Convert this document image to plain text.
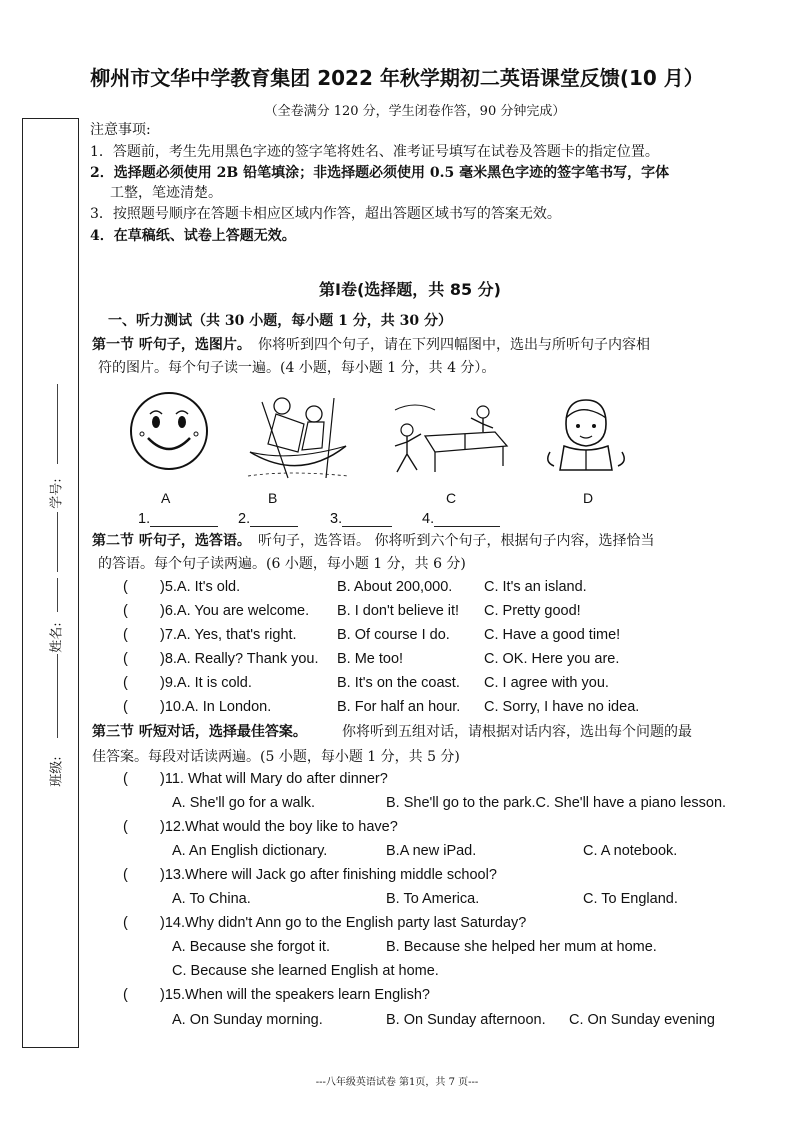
柳州市文华中学教育集团 2022 年秋学期初二英语课堂反馈(10 月）
（全卷满分 120 分，学生闭卷作答，90 分钟完成）
学号:
姓名:
班级:
注意事项:
1．答题前，考生先用黑色字迹的签字笔将姓名、准考证号填写在试卷及答题卡的指定位置。
2．选择题必须使用 2B 铅笔填涂；非选择题必须使用 0.5 毫米黑色字迹的签字笔书写，字体
工整，笔迹清楚。
3．按照题号顺序在答题卡相应区域内作答，超出答题区域书写的答案无效。
4．在草稿纸、试卷上答题无效。
第Ⅰ卷(选择题，共 85 分)
一、听力测试（共 30 小题，每小题 1 分，共 30 分）
第一节 听句子，选图片。 你将听到四个句子，请在下列四幅图中，选出与所听句子内容相
符的图片。每个句子读一遍。(4 小题，每小题 1 分，共 4 分）。
A	B	C	D
1.	2.	3.	4.
第二节 听句子，选答语。 听句子，选答语。 你将听到六个句子，根据句子内容，选择恰当
的答语。每个句子读两遍。(6 小题，每小题 1 分，共 6 分)
( )5.A. It's old.	B. About 200,000. C. It's an island.
( )6.A. You are welcome. B. I don't believe it! C. Pretty good!
( )7.A. Yes, that's right.	B. Of course I do. C. Have a good time!
( )8.A. Really? Thank you. B. Me too!	C. OK. Here you are.
( )9.A. It is cold.	B. It's on the coast. C. I agree with you.
( )10.A. In London.	B. For half an hour. C. Sorry, I have no idea.
第三节 听短对话，选择最佳答案。	你将听到五组对话，请根据对话内容，选出每个问题的最
佳答案。每段对话读两遍。(5 小题，每小题 1 分，共 5 分)
( )11. What will Mary do after dinner?
A. She'll go for a walk.	B. She'll go to the park.C. She'll have a piano lesson.
( )12.What would the boy like to have?
A. An English dictionary.	B.A new iPad.	C. A notebook.
( )13.Where will Jack go after finishing middle school?
A. To China.	B. To America.	C. To England.
( )14.Why didn't Ann go to the English party last Saturday?
A. Because she forgot it.	B. Because she helped her mum at home.
C. Because she learned English at home.
( )15.When will the speakers learn English?
A. On Sunday morning.	B. On Sunday afternoon. C. On Sunday evening
---八年级英语试卷 第1页，共 7 页---
